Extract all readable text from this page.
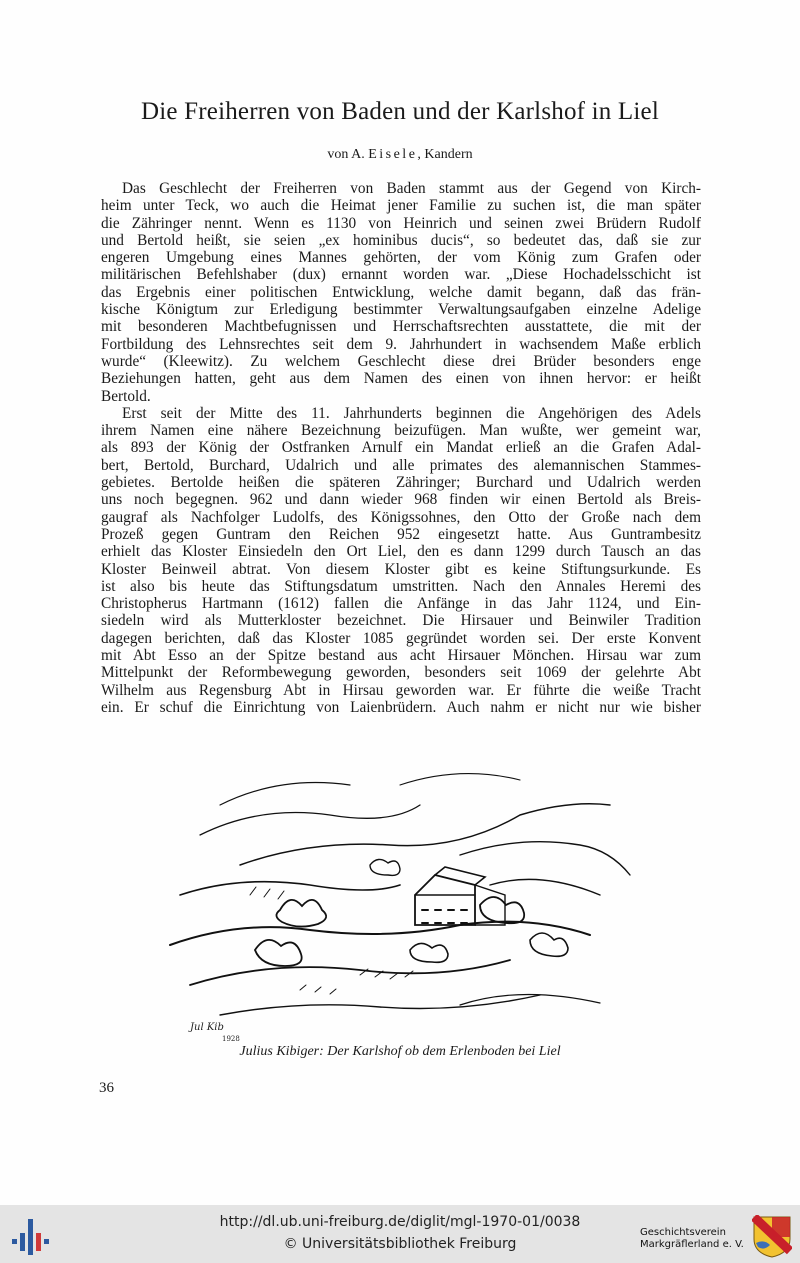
Die Freiherren von Baden und der Karlshof in Liel
von A. Eisele, Kandern
Das Geschlecht der Freiherren von Baden stammt aus der Gegend von Kirch-
heim unter Teck, wo auch die Heimat jener Familie zu suchen ist, die man später
die Zähringer nennt. Wenn es 1130 von Heinrich und seinen zwei Brüdern Rudolf
und Bertold heißt, sie seien „ex hominibus ducis“, so bedeutet das, daß sie zur
engeren Umgebung eines Mannes gehörten, der vom König zum Grafen oder
militärischen Befehlshaber (dux) ernannt worden war. „Diese Hochadelsschicht ist
das Ergebnis einer politischen Entwicklung, welche damit begann, daß das frän-
kische Königtum zur Erledigung bestimmter Verwaltungsaufgaben einzelne Adelige
mit besonderen Machtbefugnissen und Herrschaftsrechten ausstattete, die mit der
Fortbildung des Lehnsrechtes seit dem 9. Jahrhundert in wachsendem Maße erblich
wurde“ (Kleewitz). Zu welchem Geschlecht diese drei Brüder besonders enge
Beziehungen hatten, geht aus dem Namen des einen von ihnen hervor: er heißt
Bertold.
Erst seit der Mitte des 11. Jahrhunderts beginnen die Angehörigen des Adels
ihrem Namen eine nähere Bezeichnung beizufügen. Man wußte, wer gemeint war,
als 893 der König der Ostfranken Arnulf ein Mandat erließ an die Grafen Adal-
bert, Bertold, Burchard, Udalrich und alle primates des alemannischen Stammes-
gebietes. Bertolde heißen die späteren Zähringer; Burchard und Udalrich werden
uns noch begegnen. 962 und dann wieder 968 finden wir einen Bertold als Breis-
gaugraf als Nachfolger Ludolfs, des Königssohnes, den Otto der Große nach dem
Prozeß gegen Guntram den Reichen 952 eingesetzt hatte. Aus Guntrambesitz
erhielt das Kloster Einsiedeln den Ort Liel, den es dann 1299 durch Tausch an das
Kloster Beinweil abtrat. Von diesem Kloster gibt es keine Stiftungsurkunde. Es
ist also bis heute das Stiftungsdatum umstritten. Nach den Annales Heremi des
Christopherus Hartmann (1612) fallen die Anfänge in das Jahr 1124, und Ein-
siedeln wird als Mutterkloster bezeichnet. Die Hirsauer und Beinwiler Tradition
dagegen berichten, daß das Kloster 1085 gegründet worden sei. Der erste Konvent
mit Abt Esso an der Spitze bestand aus acht Hirsauer Mönchen. Hirsau war zum
Mittelpunkt der Reformbewegung geworden, besonders seit 1069 der gelehrte Abt
Wilhelm aus Regensburg Abt in Hirsau geworden war. Er führte die weiße Tracht
ein. Er schuf die Einrichtung von Laienbrüdern. Auch nahm er nicht nur wie bisher
Jul Kib
1928
Julius Kibiger: Der Karlshof ob dem Erlenboden bei Liel
36
http://dl.ub.uni-freiburg.de/diglit/mgl-1970-01/0038
© Universitätsbibliothek Freiburg
Geschichtsverein
Markgräflerland e. V.
